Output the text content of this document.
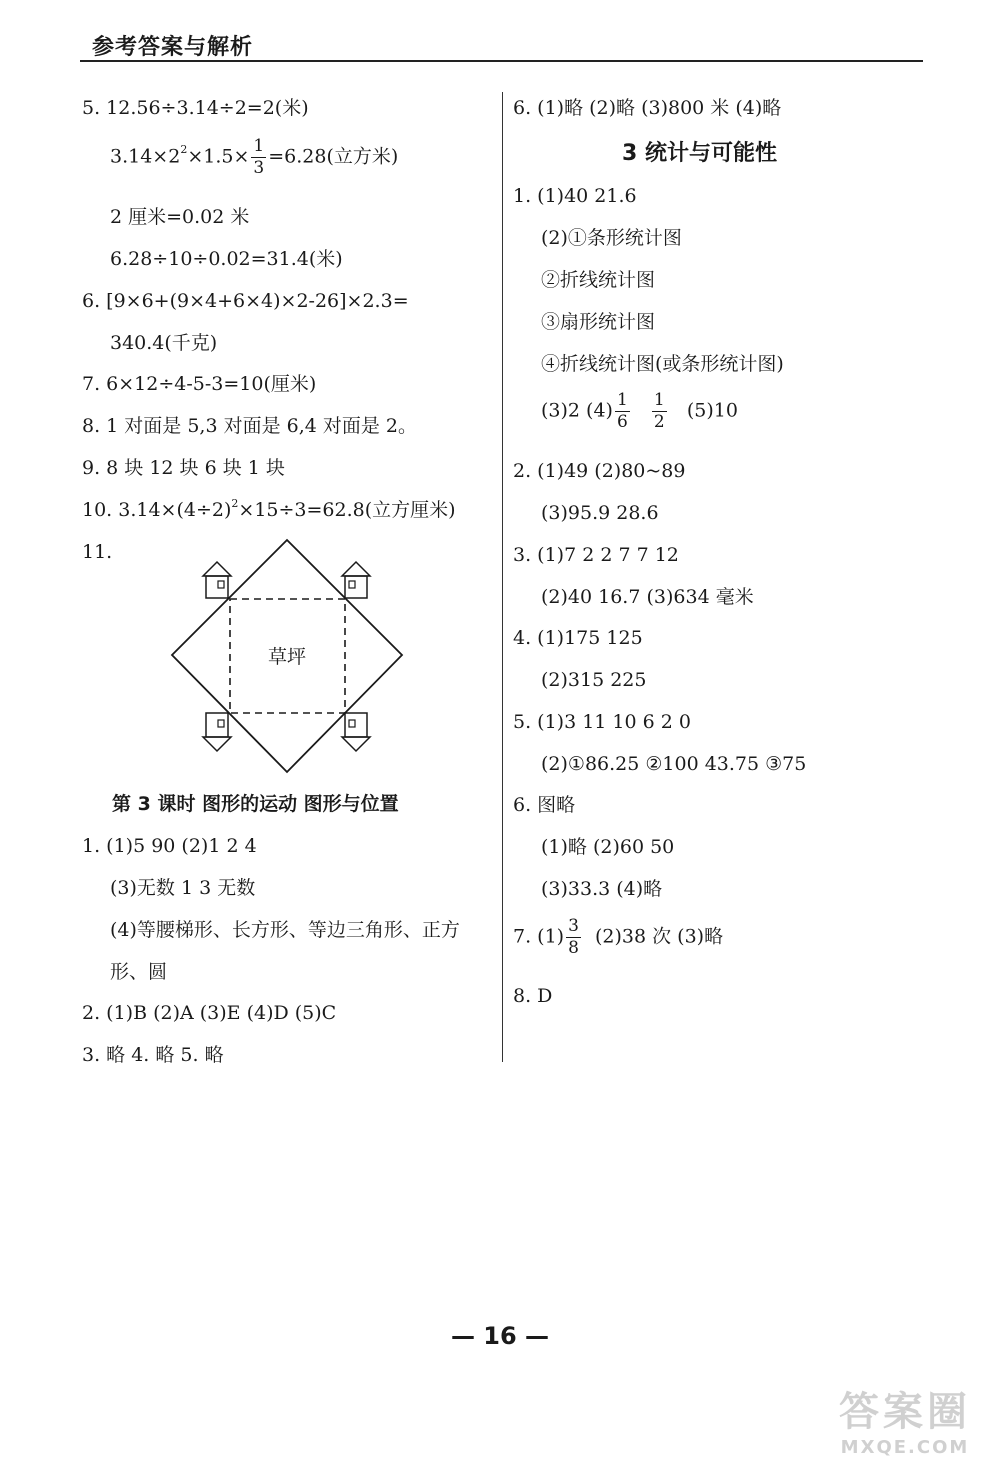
参考答案与解析
5. 12.56÷3.14÷2=2(米)
$3.14\times 2^2\times 1.5\times \frac{1}{3} =6.28$(立方米)
2 厘米=0.02 米
6.28÷10÷0.02=31.4(米)
6. [9×6+(9×4+6×4)×2-26]×2.3=
340.4(千克)
7. 6×12÷4-5-3=10(厘米)
8. 1 对面是 5,3 对面是 6,4 对面是 2。
9. 8 块 12 块 6 块 1 块
10. $3.14\times(4\div 2)^2\times 15\div 3=62.8$(立方厘米)
11.
草坪
第 3 课时 图形的运动 图形与位置
1. (1)5 90 (2)1 2 4
(3)无数 1 3 无数
(4)等腰梯形、长方形、等边三角形、正方
形、圆
2. (1)B (2)A (3)E (4)D (5)C
3. 略 4. 略 5. 略
6. (1)略 (2)略 (3)800 米 (4)略
3 统计与可能性
1. (1)40 21.6
(2)①条形统计图
②折线统计图
③扇形统计图
④折线统计图(或条形统计图)
(3)2 $(4) \frac{1}{6}$
$\frac{1}{2} (5)10$
2. (1)49 (2)80~89
(3)95.9 28.6
3. (1)7 2 2 7 7 12
(2)40 16.7 (3)634 毫米
4. (1)175 125
(2)315 225
5. (1)3 11 10 6 2 0
(2)①86.25 ②100 43.75 ③75
6. 图略
(1)略 (2)60 50
(3)33.3 (4)略
7. $(1) \frac{3}{8} (2)38$ 次 (3)略
8. D
— 16 —
答案圈
MXQE.COM
